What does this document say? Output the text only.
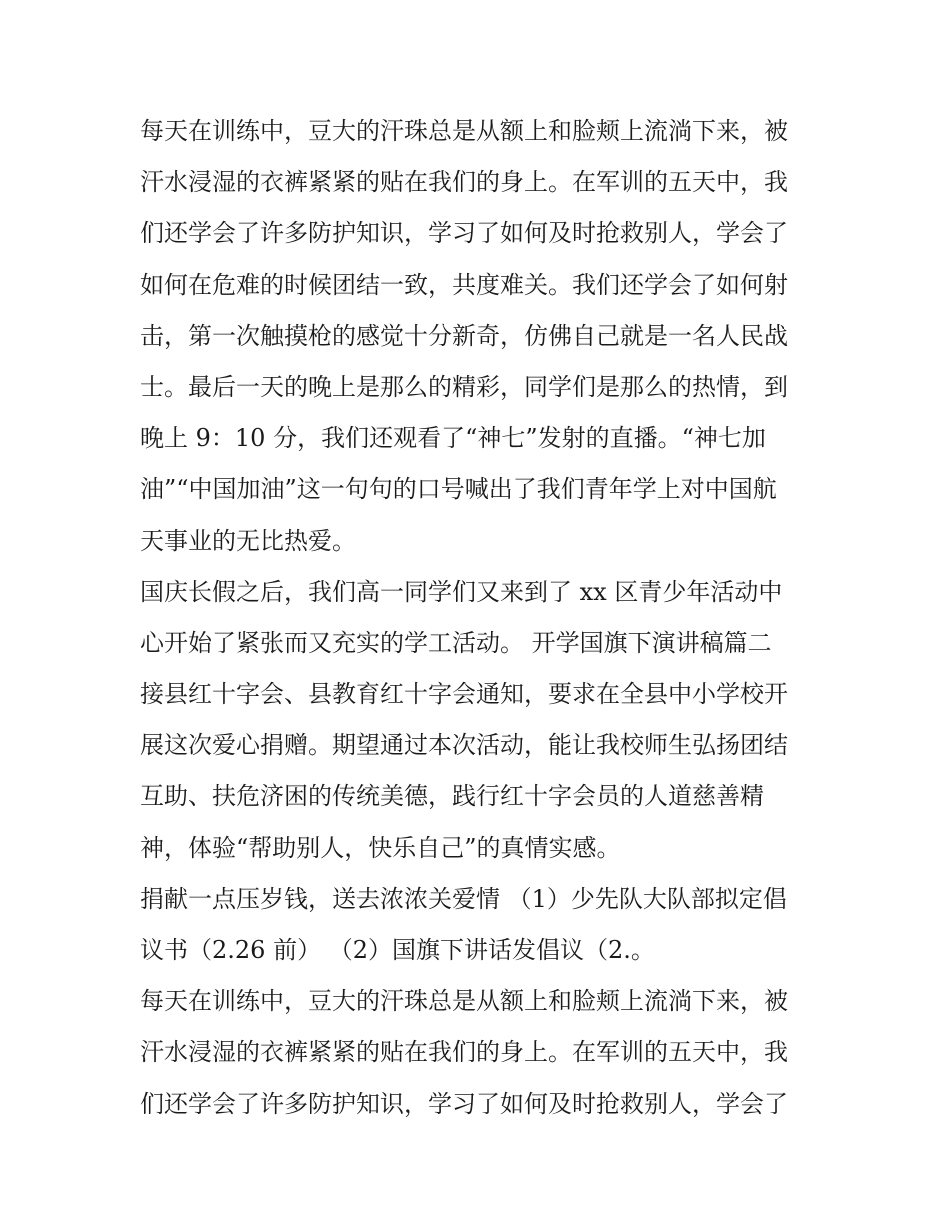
每天在训练中，豆大的汗珠总是从额上和脸颊上流淌下来，被
汗水浸湿的衣裤紧紧的贴在我们的身上。在军训的五天中，我
们还学会了许多防护知识，学习了如何及时抢救别人，学会了
如何在危难的时候团结一致，共度难关。我们还学会了如何射
击，第一次触摸枪的感觉十分新奇，仿佛自己就是一名人民战
士。最后一天的晚上是那么的精彩，同学们是那么的热情，到
晚上 9：10 分，我们还观看了“神七”发射的直播。“神七加
油”“中国加油”这一句句的口号喊出了我们青年学上对中国航
天事业的无比热爱。
国庆长假之后，我们高一同学们又来到了 xx 区青少年活动中
心开始了紧张而又充实的学工活动。 开学国旗下演讲稿篇二
接县红十字会、县教育红十字会通知，要求在全县中小学校开
展这次爱心捐赠。期望通过本次活动，能让我校师生弘扬团结
互助、扶危济困的传统美德，践行红十字会员的人道慈善精
神，体验“帮助别人，快乐自己”的真情实感。
捐献一点压岁钱，送去浓浓关爱情 （1）少先队大队部拟定倡
议书（2.26 前） （2）国旗下讲话发倡议（2.。
每天在训练中，豆大的汗珠总是从额上和脸颊上流淌下来，被
汗水浸湿的衣裤紧紧的贴在我们的身上。在军训的五天中，我
们还学会了许多防护知识，学习了如何及时抢救别人，学会了
